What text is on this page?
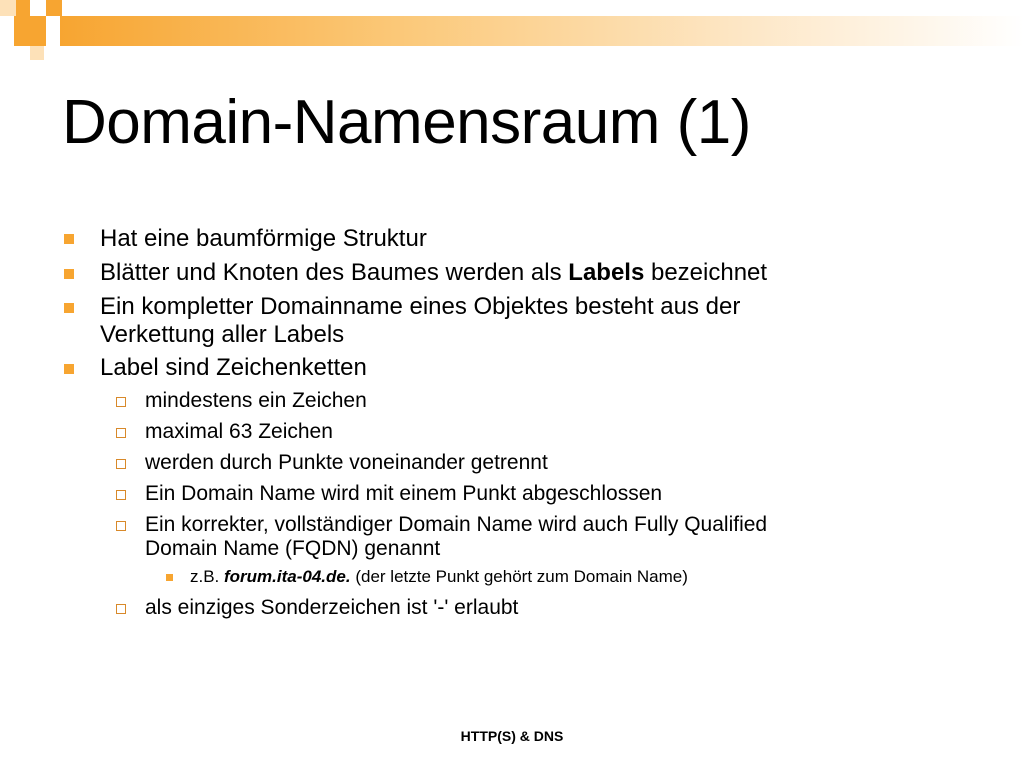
Domain-Namensraum (1)
Hat eine baumförmige Struktur
Blätter und Knoten des Baumes werden als Labels bezeichnet
Ein kompletter Domainname eines Objektes besteht aus der
Verkettung aller Labels
Label sind Zeichenketten
mindestens ein Zeichen
maximal 63 Zeichen
werden durch Punkte voneinander getrennt
Ein Domain Name wird mit einem Punkt abgeschlossen
Ein korrekter, vollständiger Domain Name wird auch Fully Qualified
Domain Name (FQDN) genannt
z.B. forum.ita-04.de. (der letzte Punkt gehört zum Domain Name)
als einziges Sonderzeichen ist '-' erlaubt
HTTP(S) & DNS
